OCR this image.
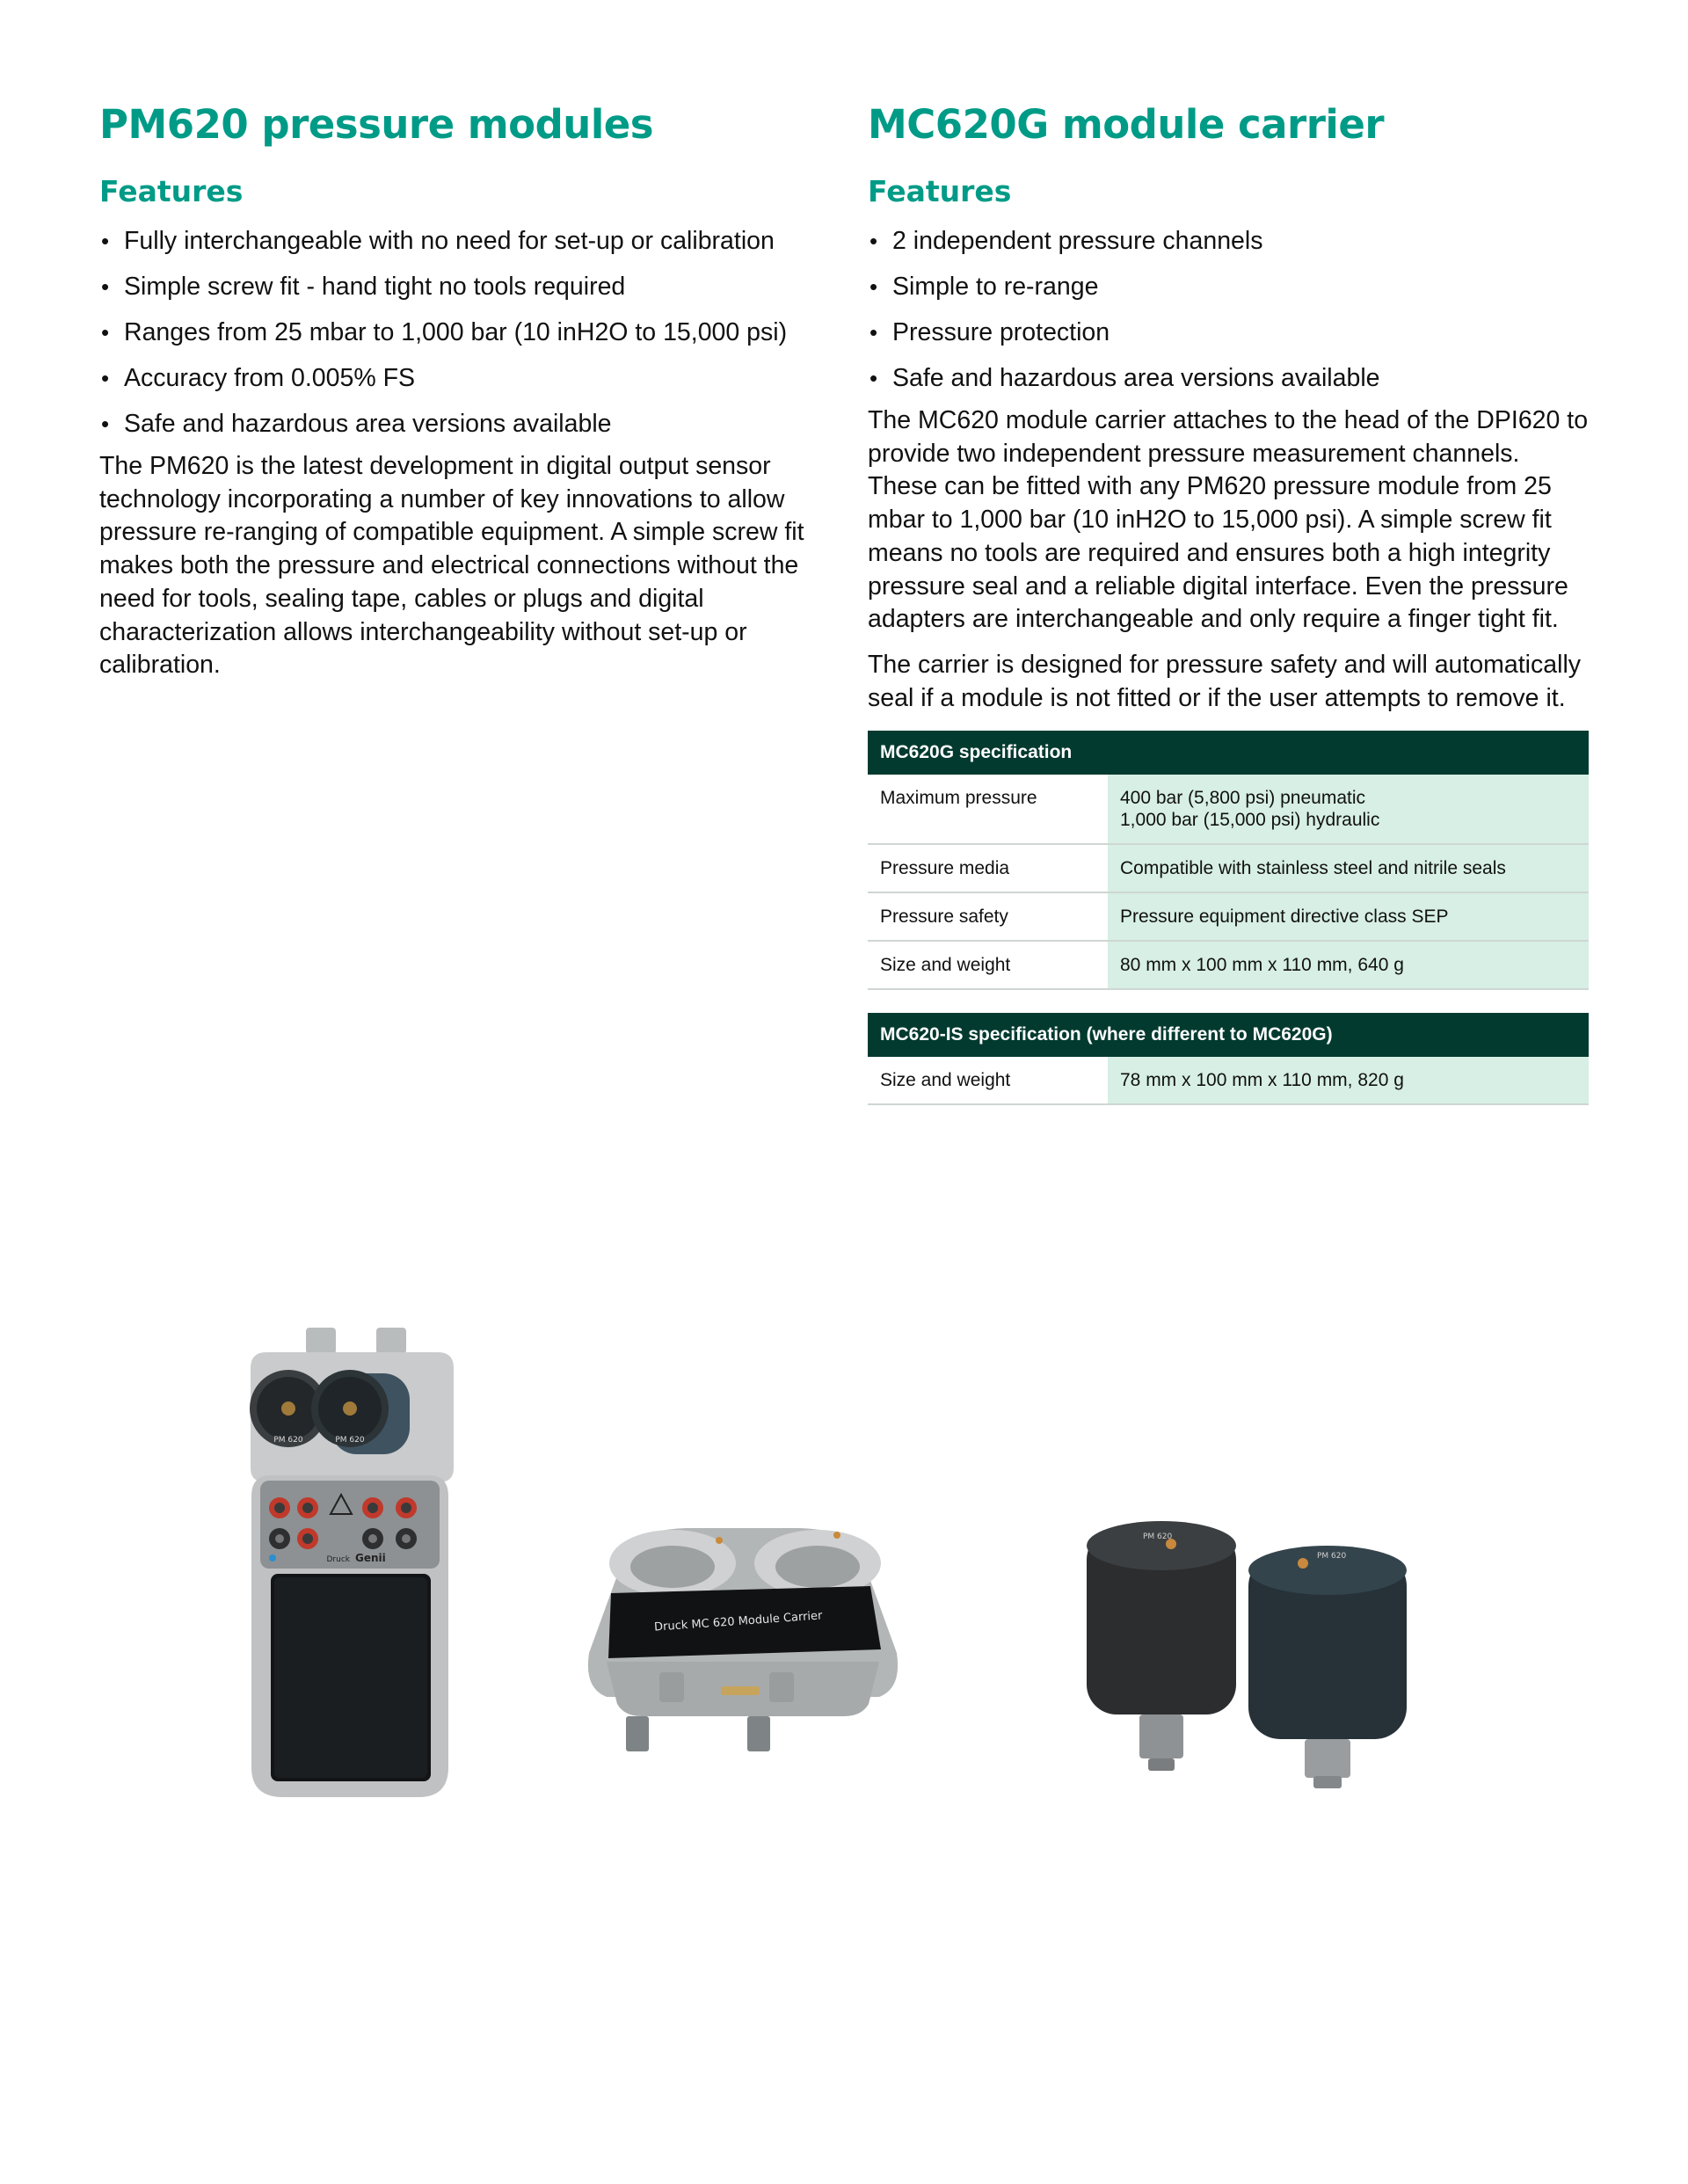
PM620 pressure modules
Features
• Fully interchangeable with no need for set-up or calibration
• Simple screw fit - hand tight no tools required
• Ranges from 25 mbar to 1,000 bar (10 inH2O to 15,000 psi)
• Accuracy from 0.005% FS
• Safe and hazardous area versions available

The PM620 is the latest development in digital output sensor technology incorporating a number of key innovations to allow pressure re-ranging of compatible equipment. A simple screw fit makes both the pressure and electrical connections without the need for tools, sealing tape, cables or plugs and digital characterization allows interchangeability without set-up or calibration.

MC620G module carrier
Features
• 2 independent pressure channels
• Simple to re-range
• Pressure protection
• Safe and hazardous area versions available

The MC620 module carrier attaches to the head of the DPI620 to provide two independent pressure measurement channels. These can be fitted with any PM620 pressure module from 25 mbar to 1,000 bar (10 inH2O to 15,000 psi). A simple screw fit means no tools are required and ensures both a high integrity pressure seal and a reliable digital interface. Even the pressure adapters are interchangeable and only require a finger tight fit.

The carrier is designed for pressure safety and will automatically seal if a module is not fitted or if the user attempts to remove it.

MC620G specification	
Maximum pressure	400 bar (5,800 psi) pneumatic
1,000 bar (15,000 psi) hydraulic

Pressure media	Compatible with stainless steel and nitrile seals
Pressure safety	Pressure equipment directive class SEP
Size and weight	80 mm x 100 mm x 110 mm, 640 g
MC620-IS specification (where different to MC620G)
Size and weight	78 mm x 100 mm x 110 mm, 820 g
PM 620	PM 620
Druck Genii
Druck MC 620 Module Carrier
PM 620
PM 620
